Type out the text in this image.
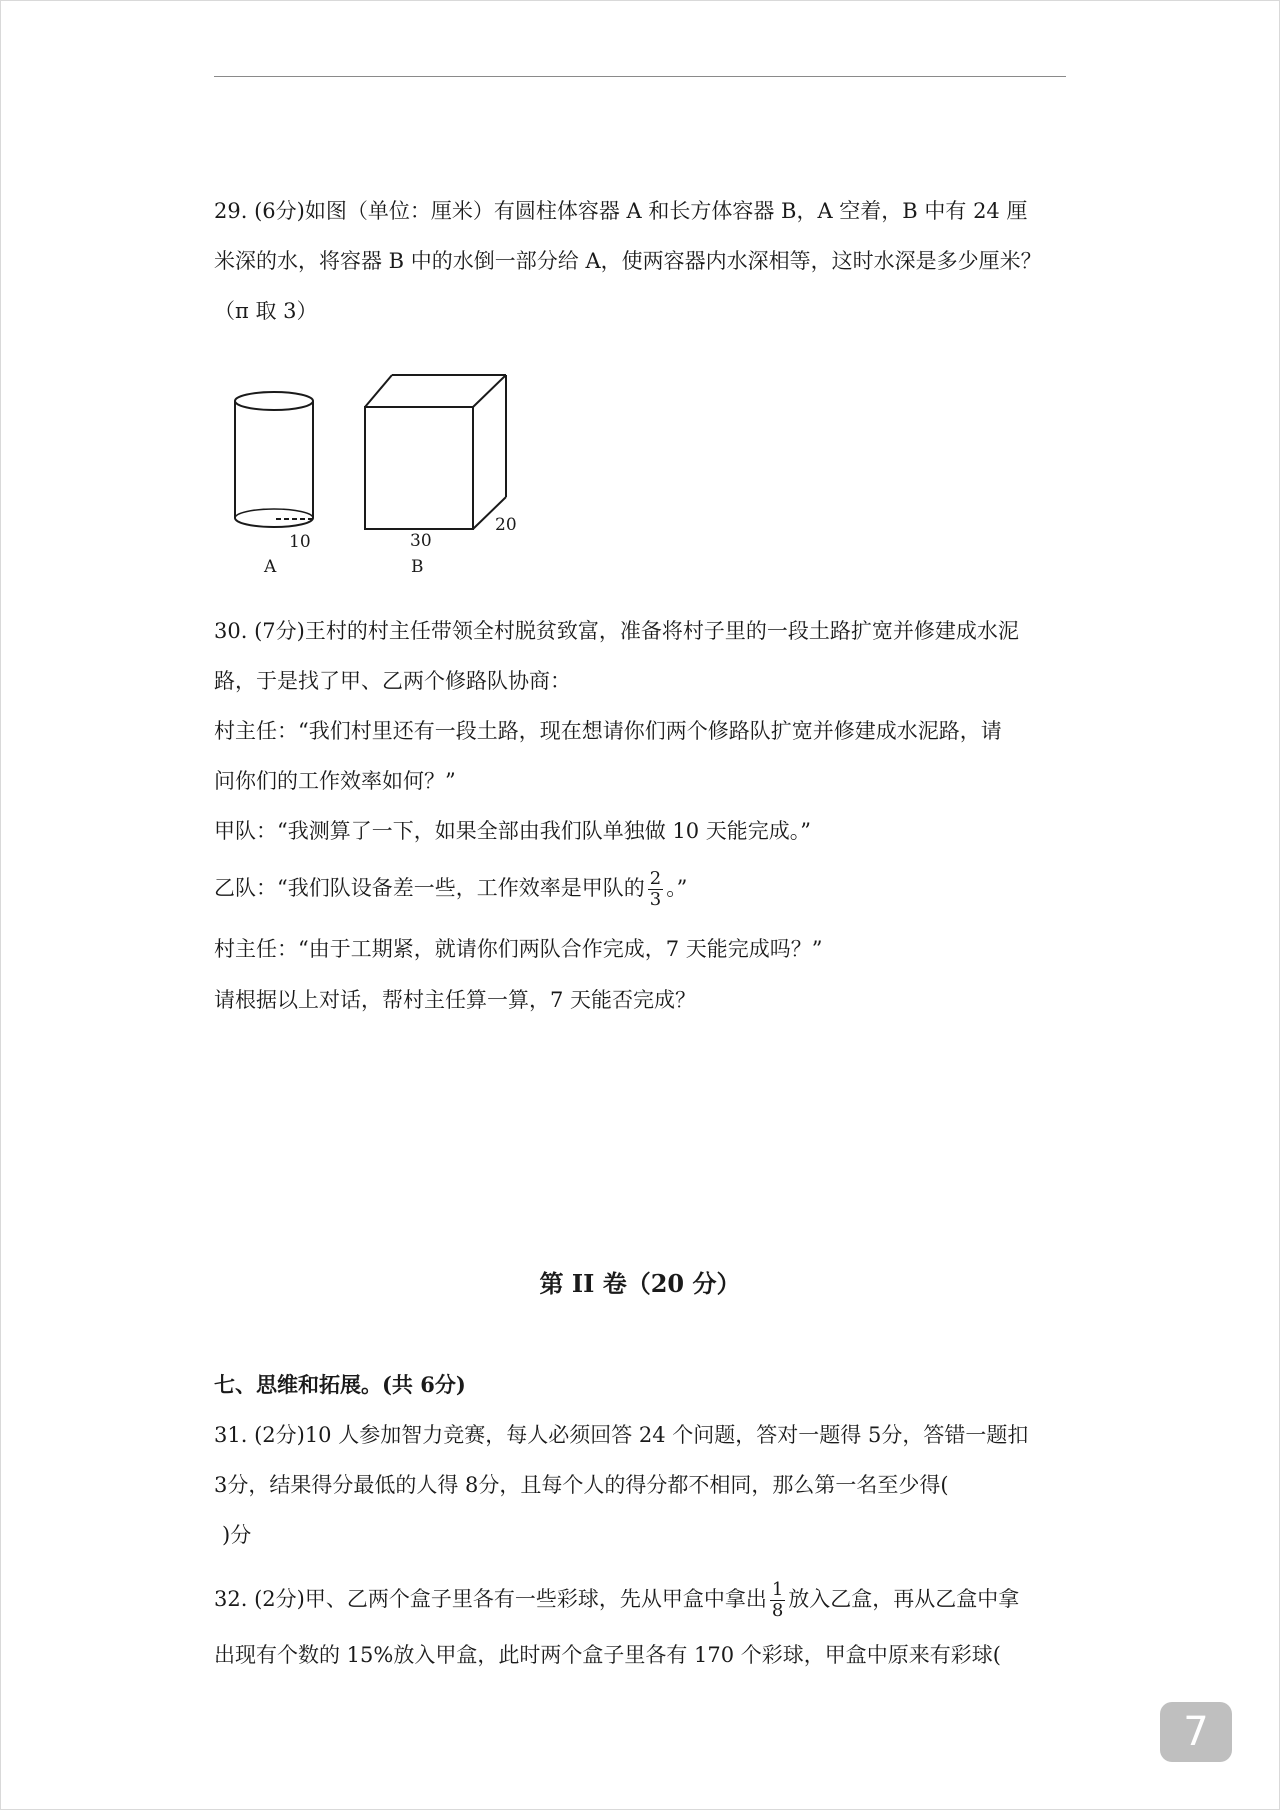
29. (6分)如图（单位：厘米）有圆柱体容器 A 和长方体容器 B，A 空着，B 中有 24 厘
米深的水，将容器 B 中的水倒一部分给 A，使两容器内水深相等，这时水深是多少厘米？
（π 取 3）
10
A
30
20
B
30. (7分)王村的村主任带领全村脱贫致富，准备将村子里的一段土路扩宽并修建成水泥
路，于是找了甲、乙两个修路队协商：
村主任：“我们村里还有一段土路，现在想请你们两个修路队扩宽并修建成水泥路，请
问你们的工作效率如何？”
甲队：“我测算了一下，如果全部由我们队单独做 10 天能完成。”
乙队：“我们队设备差一些，工作效率是甲队的 $\frac{2}{3}$ 。”
村主任：“由于工期紧，就请你们两队合作完成，7 天能完成吗？”
请根据以上对话，帮村主任算一算，7 天能否完成？
第 II 卷（20 分）
七、思维和拓展。(共 6分)
31. (2分)10 人参加智力竞赛，每人必须回答 24 个问题，答对一题得 5分，答错一题扣
3分，结果得分最低的人得 8分，且每个人的得分都不相同，那么第一名至少得(
)分
32. (2分)甲、乙两个盒子里各有一些彩球，先从甲盒中拿出 $\frac{1}{8}$ 放入乙盒，再从乙盒中拿
出现有个数的 15%放入甲盒，此时两个盒子里各有 170 个彩球，甲盒中原来有彩球(
7
